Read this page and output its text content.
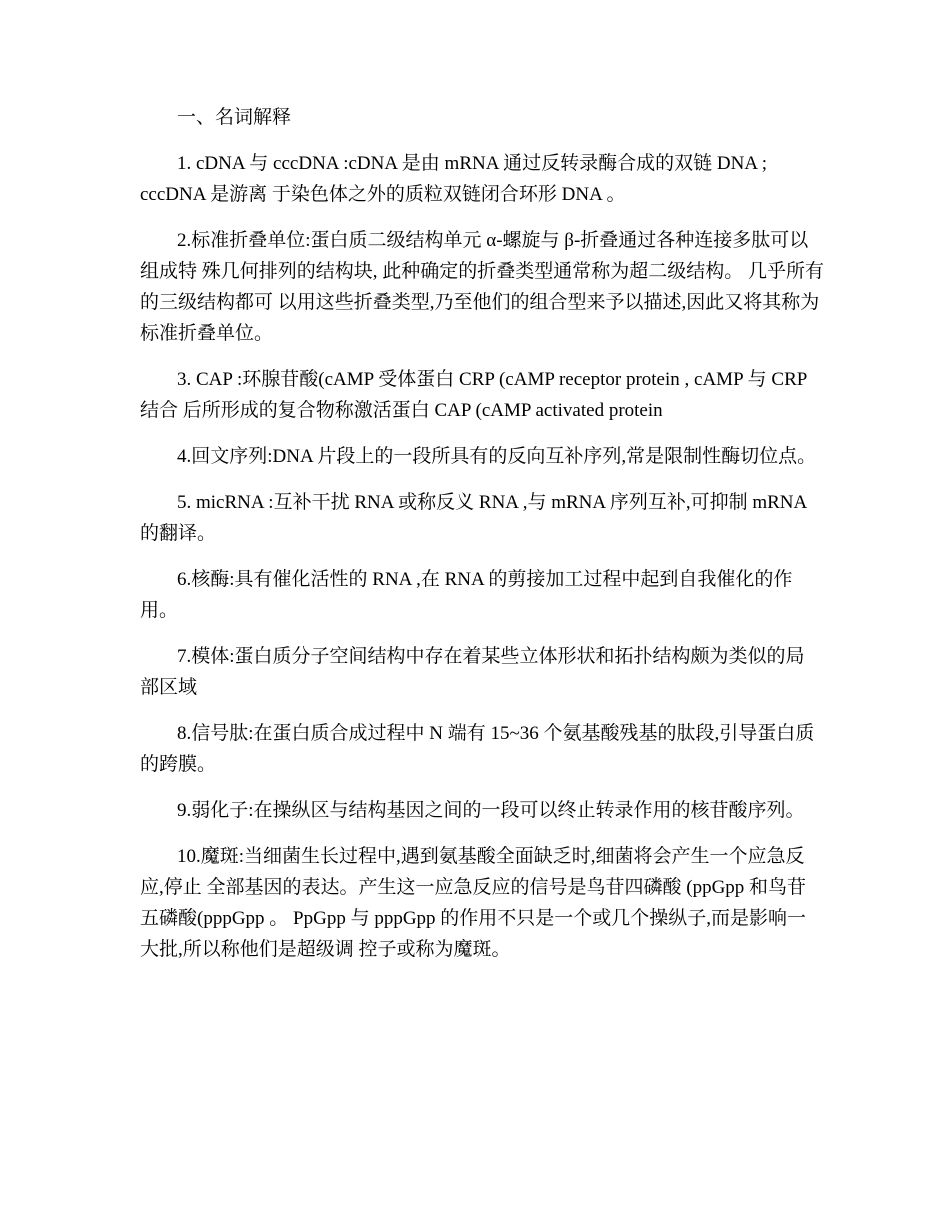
一、名词解释
1. cDNA 与 cccDNA :cDNA 是由 mRNA 通过反转录酶合成的双链 DNA ;
cccDNA 是游离 于染色体之外的质粒双链闭合环形 DNA 。
2.标准折叠单位:蛋白质二级结构单元 α-螺旋与 β-折叠通过各种连接多肽可以
组成特 殊几何排列的结构块, 此种确定的折叠类型通常称为超二级结构。 几乎所有
的三级结构都可 以用这些折叠类型,乃至他们的组合型来予以描述,因此又将其称为
标准折叠单位。
3. CAP :环腺苷酸(cAMP 受体蛋白 CRP (cAMP receptor protein , cAMP 与 CRP
结合 后所形成的复合物称激活蛋白 CAP (cAMP activated protein
4.回文序列:DNA 片段上的一段所具有的反向互补序列,常是限制性酶切位点。
5. micRNA :互补干扰 RNA 或称反义 RNA ,与 mRNA 序列互补,可抑制 mRNA
的翻译。
6.核酶:具有催化活性的 RNA ,在 RNA 的剪接加工过程中起到自我催化的作
用。
7.模体:蛋白质分子空间结构中存在着某些立体形状和拓扑结构颇为类似的局
部区域
8.信号肽:在蛋白质合成过程中 N 端有 15~36 个氨基酸残基的肽段,引导蛋白质
的跨膜。
9.弱化子:在操纵区与结构基因之间的一段可以终止转录作用的核苷酸序列。
10.魔斑:当细菌生长过程中,遇到氨基酸全面缺乏时,细菌将会产生一个应急反
应,停止 全部基因的表达。产生这一应急反应的信号是鸟苷四磷酸 (ppGpp 和鸟苷
五磷酸(pppGpp 。 PpGpp 与 pppGpp 的作用不只是一个或几个操纵子,而是影响一
大批,所以称他们是超级调 控子或称为魔斑。
